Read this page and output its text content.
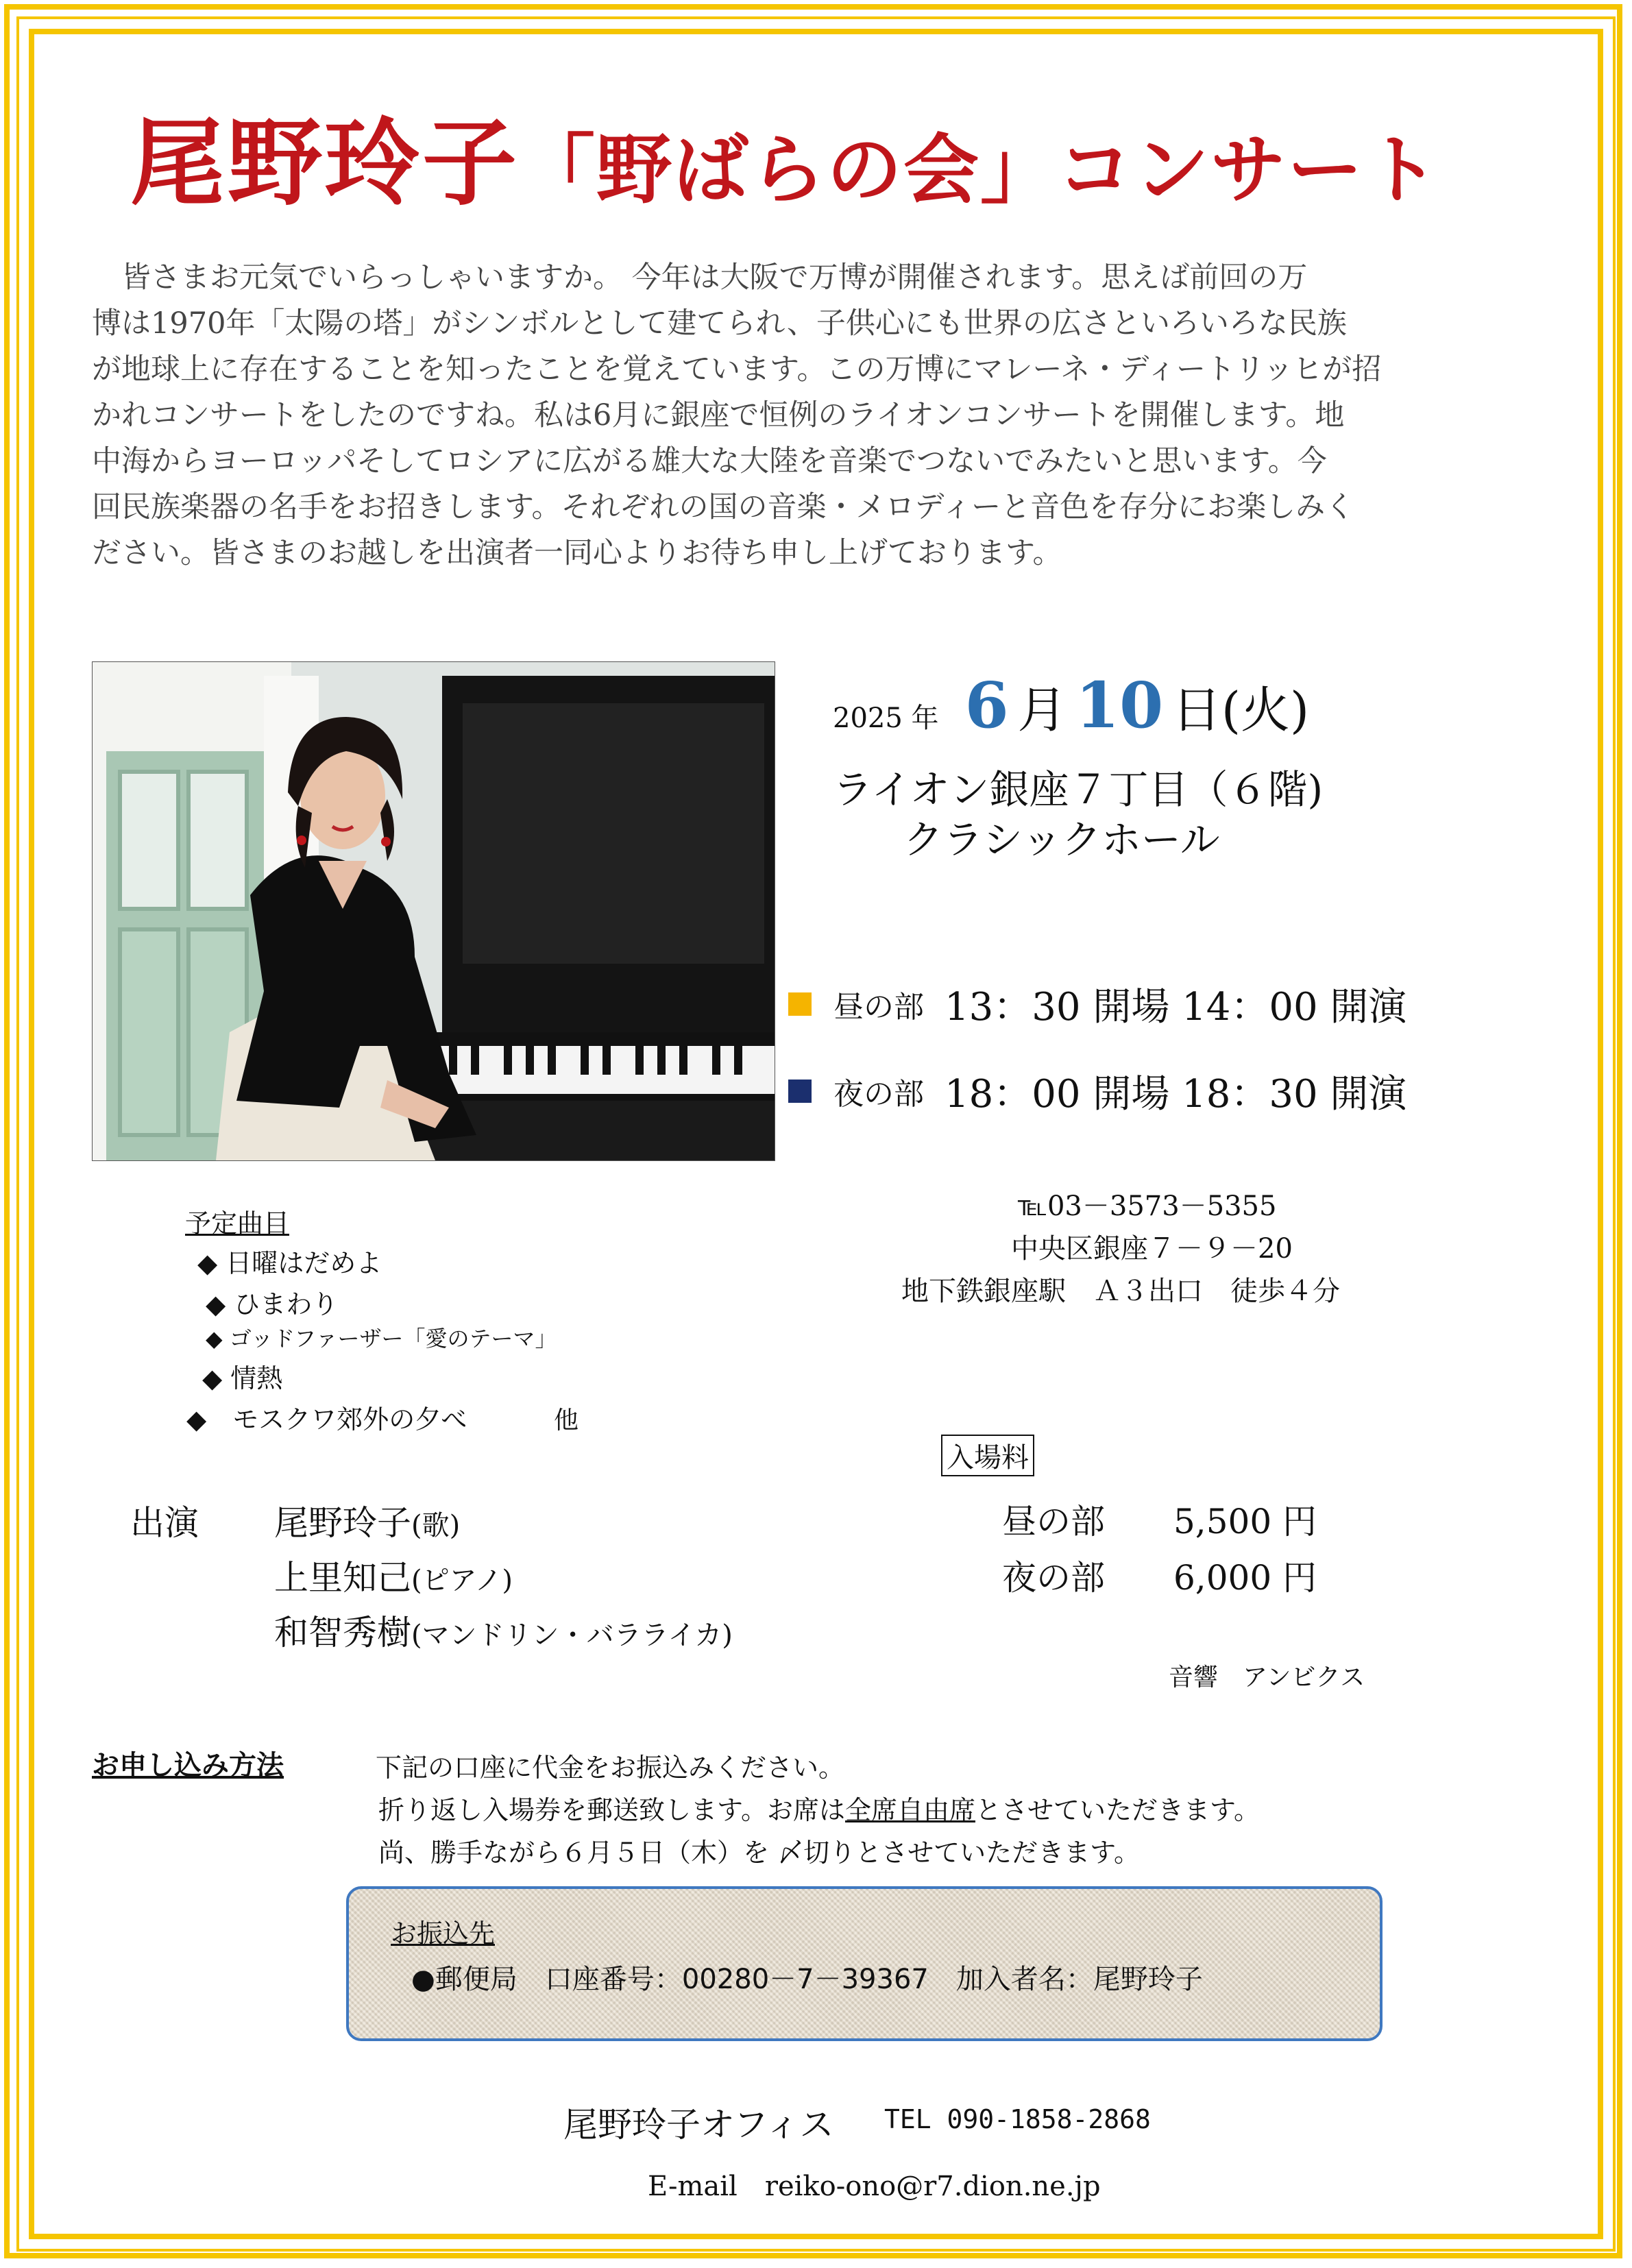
尾野玲子「野ばらの会」コンサート

　皆さまお元気でいらっしゃいますか。 今年は大阪で万博が開催されます。思えば前回の万

博は1970年「太陽の塔」がシンボルとして建てられ、子供心にも世界の広さといろいろな民族

が地球上に存在することを知ったことを覚えています。この万博にマレーネ・ディートリッヒが招

かれコンサートをしたのですね。私は6月に銀座で恒例のライオンコンサートを開催します。地

中海からヨーロッパそしてロシアに広がる雄大な大陸を音楽でつないでみたいと思います。今

回民族楽器の名手をお招きします。それぞれの国の音楽・メロディーと音色を存分にお楽しみく

ださい。皆さまのお越しを出演者一同心よりお待ち申し上げております。

2025 年 6 月 10 日(火)
ライオン銀座７丁目（６階)
クラシックホール
昼の部 13：30 開場 14：00 開演
夜の部 18：00 開場 18：30 開演
℡03－3573－5355
中央区銀座７－９－20
地下鉄銀座駅　Ａ３出口　徒歩４分
予定曲目
◆ 日曜はだめよ
◆ ひまわり
◆ ゴッドファーザー「愛のテーマ」
◆ 情熱
◆　モスクワ郊外の夕べ	他
入場料
昼の部 5,500 円
夜の部 6,000 円
出演 尾野玲子(歌)
上里知己(ピアノ)
和智秀樹(マンドリン・バラライカ)
音響　アンビクス
お申し込み方法	下記の口座に代金をお振込みください。
折り返し入場券を郵送致します。お席は全席自由席とさせていただきます。
尚、勝手ながら６月５日（木）を 〆切りとさせていただきます。
お振込先
●郵便局　口座番号：00280－7－39367　加入者名：尾野玲子
尾野玲子オフィス TEL 090-1858-2868
E-mail　reiko-ono@r7.dion.ne.jp
